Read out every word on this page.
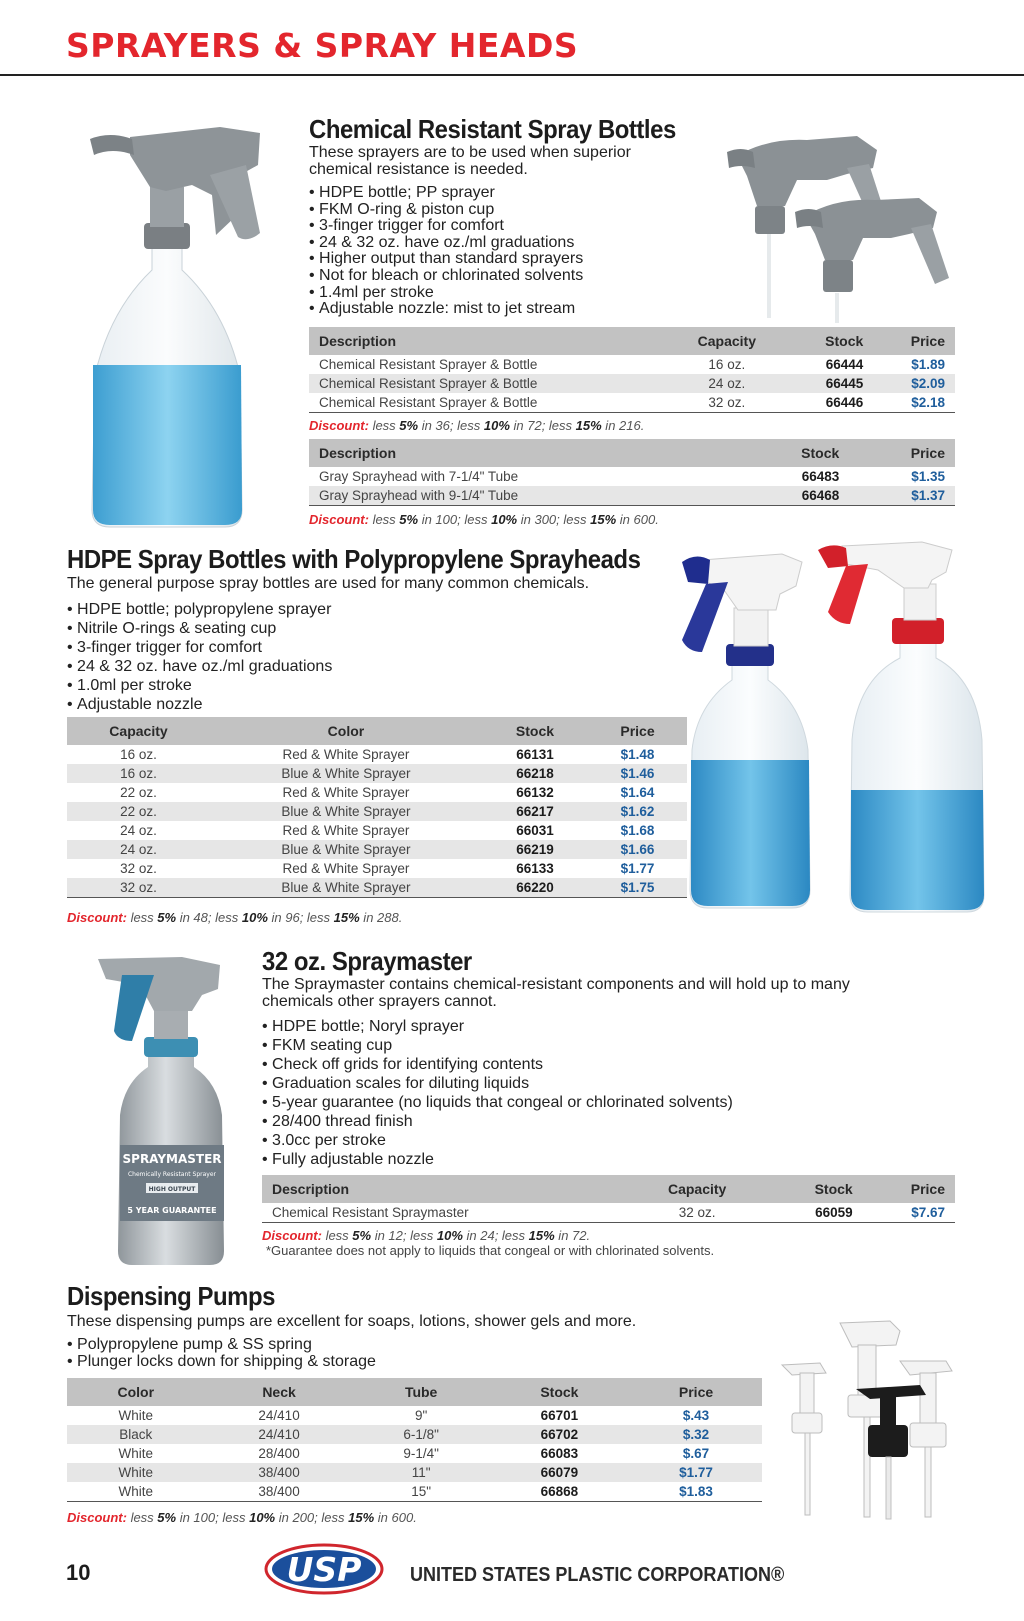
SPRAYERS & SPRAY HEADS
Chemical Resistant Spray Bottles
These sprayers are to be used when superior chemical resistance is needed.
• HDPE bottle; PP sprayer
• FKM O-ring & piston cup
• 3-finger trigger for comfort
• 24 & 32 oz. have oz./ml graduations
• Higher output than standard sprayers
• Not for bleach or chlorinated solvents
• 1.4ml per stroke
• Adjustable nozzle: mist to jet stream
Description	Capacity	Stock	Price
Chemical Resistant Sprayer & Bottle	16 oz.	66444	$1.89
Chemical Resistant Sprayer & Bottle	24 oz.	66445	$2.09
Chemical Resistant Sprayer & Bottle	32 oz.	66446	$2.18
Discount: less 5% in 36; less 10% in 72; less 15% in 216.
Description	Stock	Price
Gray Sprayhead with 7-1/4" Tube	66483	$1.35
Gray Sprayhead with 9-1/4" Tube	66468	$1.37
Discount: less 5% in 100; less 10% in 300; less 15% in 600.
HDPE Spray Bottles with Polypropylene Sprayheads
The general purpose spray bottles are used for many common chemicals.
• HDPE bottle; polypropylene sprayer
• Nitrile O-rings & seating cup
• 3-finger trigger for comfort
• 24 & 32 oz. have oz./ml graduations
• 1.0ml per stroke
• Adjustable nozzle
Capacity	Color	Stock	Price
16 oz.	Red & White Sprayer	66131	$1.48
16 oz.	Blue & White Sprayer	66218	$1.46
22 oz.	Red & White Sprayer	66132	$1.64
22 oz.	Blue & White Sprayer	66217	$1.62
24 oz.	Red & White Sprayer	66031	$1.68
24 oz.	Blue & White Sprayer	66219	$1.66
32 oz.	Red & White Sprayer	66133	$1.77
32 oz.	Blue & White Sprayer	66220	$1.75
Discount: less 5% in 48; less 10% in 96; less 15% in 288.
SPRAYMASTER
Chemically Resistant Sprayer
HIGH OUTPUT
5 YEAR GUARANTEE
32 oz. Spraymaster
The Spraymaster contains chemical-resistant components and will hold up to many chemicals other sprayers cannot.
• HDPE bottle; Noryl sprayer
• FKM seating cup
• Check off grids for identifying contents
• Graduation scales for diluting liquids
• 5-year guarantee (no liquids that congeal or chlorinated solvents)
• 28/400 thread finish
• 3.0cc per stroke
• Fully adjustable nozzle
Description	Capacity	Stock	Price
Chemical Resistant Spraymaster	32 oz.	66059	$7.67
Discount: less 5% in 12; less 10% in 24; less 15% in 72.
*Guarantee does not apply to liquids that congeal or with chlorinated solvents.
Dispensing Pumps
These dispensing pumps are excellent for soaps, lotions, shower gels and more.
• Polypropylene pump & SS spring
• Plunger locks down for shipping & storage
Color	Neck	Tube	Stock	Price
White	24/410	9"	66701	$.43
Black	24/410	6-1/8"	66702	$.32
White	28/400	9-1/4"	66083	$.67
White	38/400	11"	66079	$1.77
White	38/400	15"	66868	$1.83
Discount: less 5% in 100; less 10% in 200; less 15% in 600.
10	USP UNITED STATES PLASTIC CORPORATION®
